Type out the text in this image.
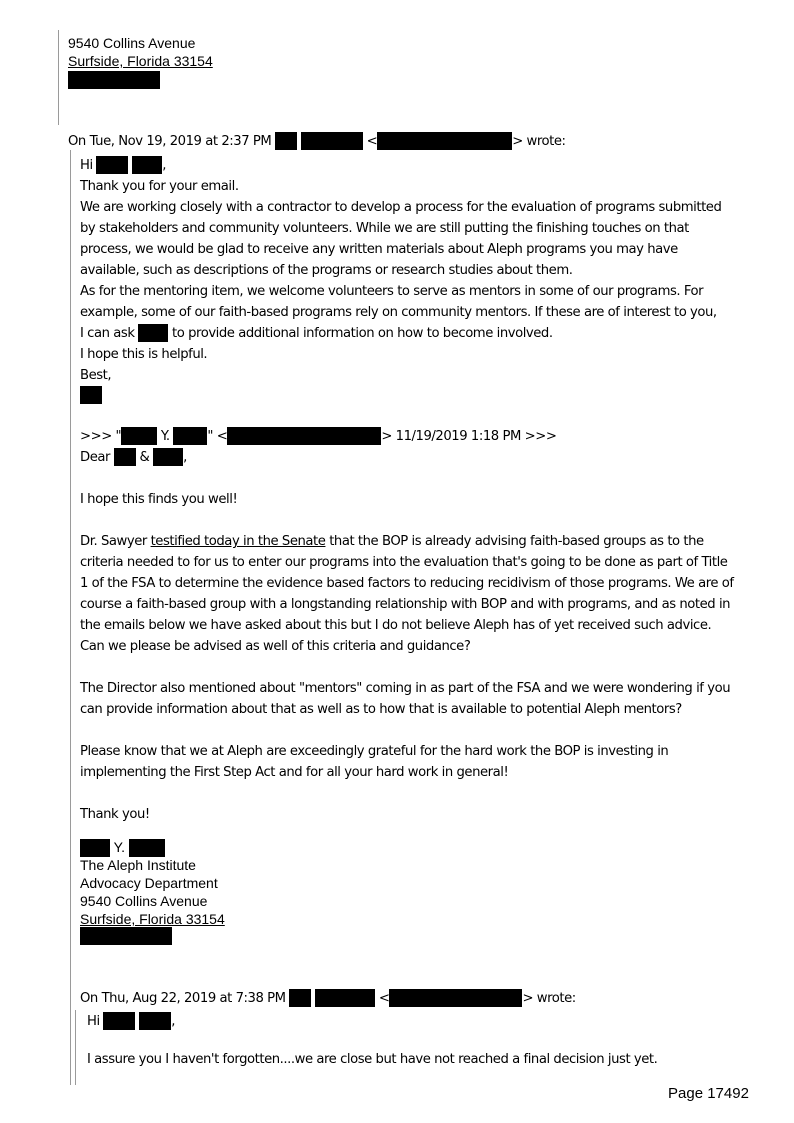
9540 Collins Avenue
Surfside, Florida 33154
On Tue, Nov 19, 2019 at 2:37 PM	<	> wrote:
Hi	,
Thank you for your email.
We are working closely with a contractor to develop a process for the evaluation of programs submitted by stakeholders and community volunteers. While we are still putting the finishing touches on that process, we would be glad to receive any written materials about Aleph programs you may have available, such as descriptions of the programs or research studies about them.
As for the mentoring item, we welcome volunteers to serve as mentors in some of our programs. For
example, some of our faith-based programs rely on community mentors. If these are of interest to you,
I can ask	to provide additional information on how to become involved.
I hope this is helpful.
Best,
>>> "	Y.	" <	> 11/19/2019 1:18 PM >>>
Dear &	,
I hope this finds you well!
Dr. Sawyer testified today in the Senate that the BOP is already advising faith-based groups as to the criteria needed to for us to enter our programs into the evaluation that's going to be done as part of Title 1 of the FSA to determine the evidence based factors to reducing recidivism of those programs. We are of course a faith-based group with a longstanding relationship with BOP and with programs, and as noted in the emails below we have asked about this but I do not believe Aleph has of yet received such advice. Can we please be advised as well of this criteria and guidance?
The Director also mentioned about "mentors" coming in as part of the FSA and we were wondering if you can provide information about that as well as to how that is available to potential Aleph mentors?
Please know that we at Aleph are exceedingly grateful for the hard work the BOP is investing in implementing the First Step Act and for all your hard work in general!
Thank you!
Y.
The Aleph Institute
Advocacy Department
9540 Collins Avenue
Surfside, Florida 33154
On Thu, Aug 22, 2019 at 7:38 PM	<	> wrote:
Hi	,
I assure you I haven't forgotten....we are close but have not reached a final decision just yet.
Page 17492
